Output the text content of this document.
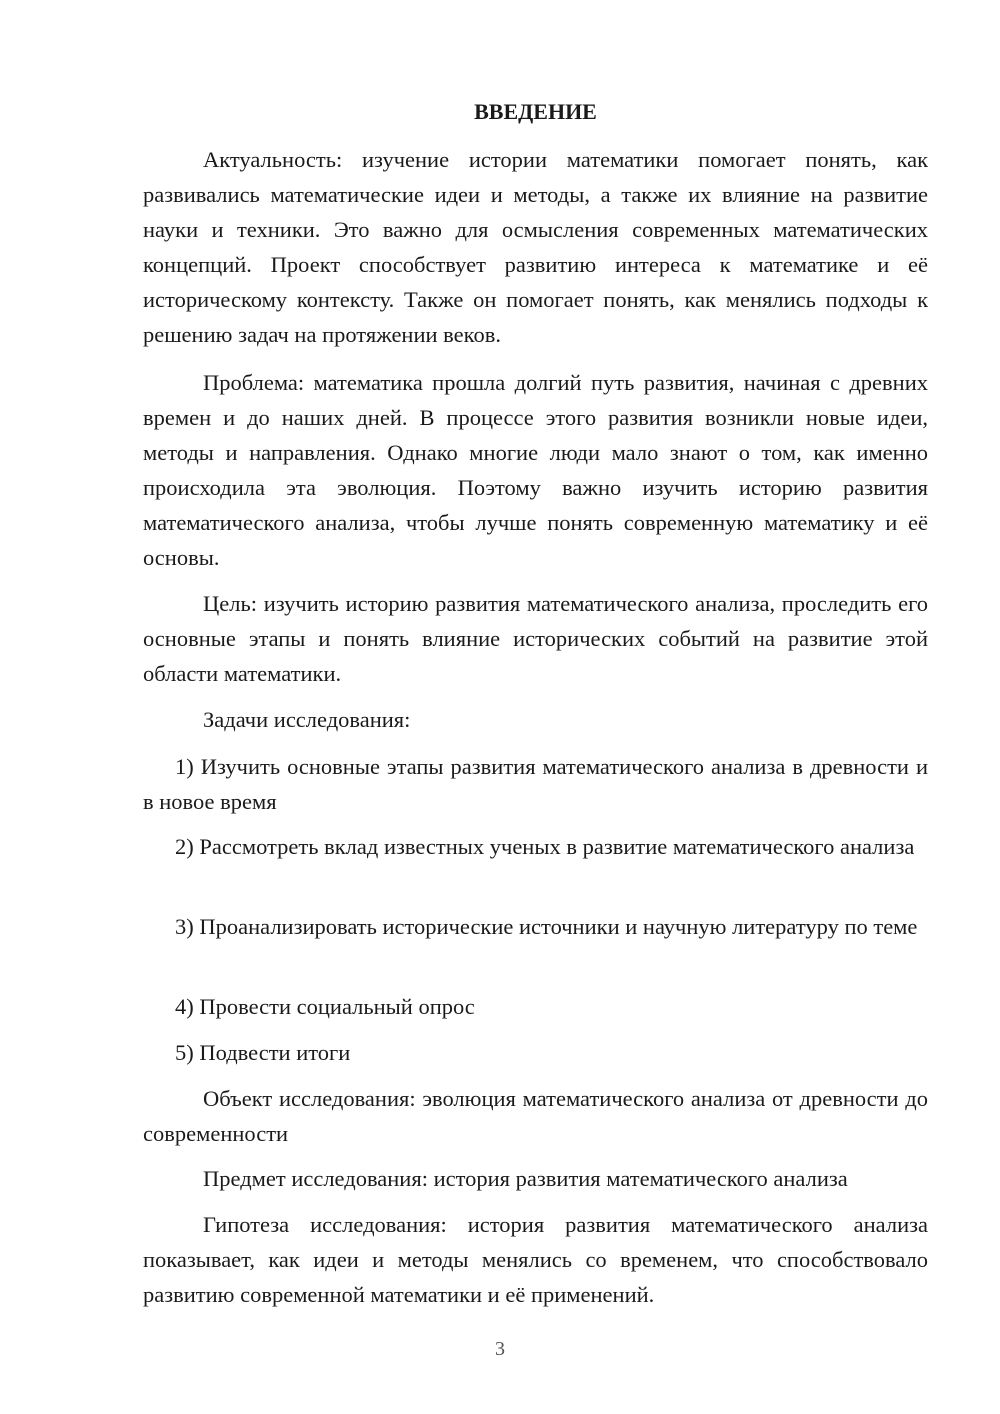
ВВЕДЕНИЕ
Актуальность: изучение истории математики помогает понять, как развивались математические идеи и методы, а также их влияние на развитие науки и техники. Это важно для осмысления современных математических концепций. Проект способствует развитию интереса к математике и её историческому контексту. Также он помогает понять, как менялись подходы к решению задач на протяжении веков.
Проблема: математика прошла долгий путь развития, начиная с древних времен и до наших дней. В процессе этого развития возникли новые идеи, методы и направления. Однако многие люди мало знают о том, как именно происходила эта эволюция. Поэтому важно изучить историю развития математического анализа, чтобы лучше понять современную математику и её основы.
Цель: изучить историю развития математического анализа, проследить его основные этапы и понять влияние исторических событий на развитие этой области математики.
Задачи исследования:
1) Изучить основные этапы развития математического анализа в древности и в новое время
2) Рассмотреть вклад известных ученых в развитие математического анализа
3) Проанализировать исторические источники и научную литературу по теме
4) Провести социальный опрос
5) Подвести итоги
Объект исследования: эволюция математического анализа от древности до современности
Предмет исследования: история развития математического анализа
Гипотеза исследования: история развития математического анализа показывает, как идеи и методы менялись со временем, что способствовало развитию современной математики и её применений.
3
